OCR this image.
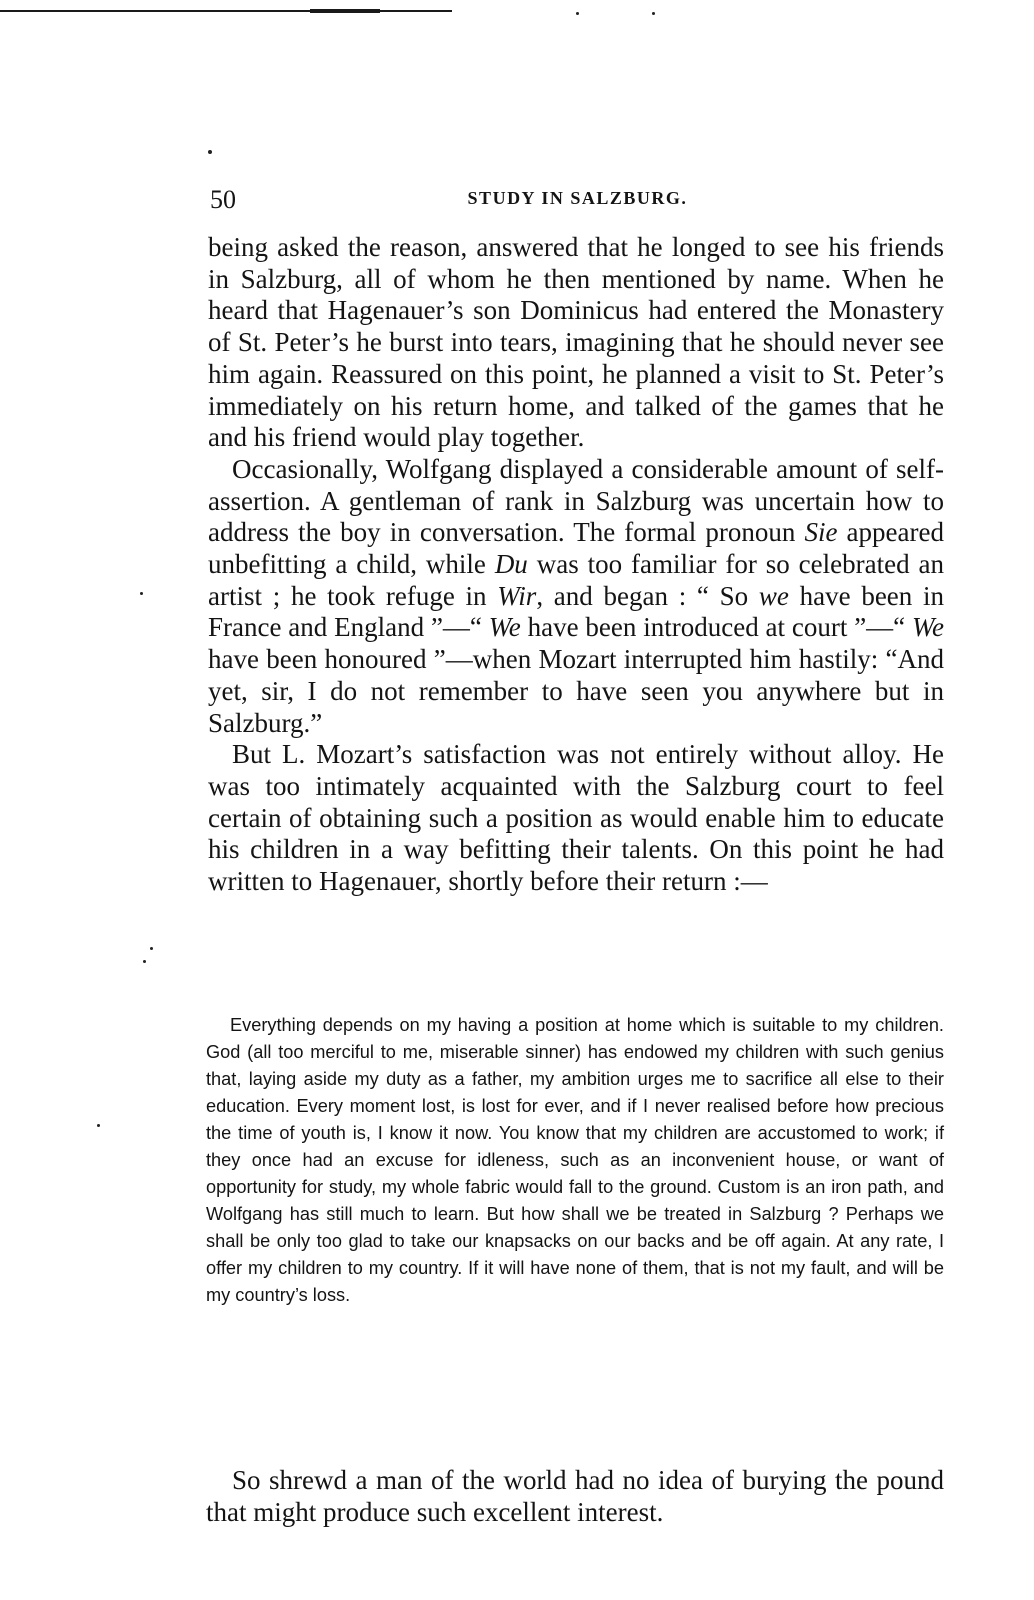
50	STUDY IN SALZBURG.

being asked the reason, answered that he longed to see his friends in Salzburg, all of whom he then mentioned by name. When he heard that Hagenauer’s son Dominicus had entered the Monastery of St. Peter’s he burst into tears, imagining that he should never see him again. Reassured on this point, he planned a visit to St. Peter’s immediately on his return home, and talked of the games that he and his friend would play together.

Occasionally, Wolfgang displayed a considerable amount of self-assertion. A gentleman of rank in Salzburg was uncertain how to address the boy in conversation. The formal pronoun Sie appeared unbefitting a child, while Du was too familiar for so celebrated an artist ; he took refuge in Wir, and began : “ So we have been in France and England ”—“ We have been introduced at court ”—“ We have been honoured ”—when Mozart interrupted him hastily: “And yet, sir, I do not remember to have seen you anywhere but in Salzburg.”

But L. Mozart’s satisfaction was not entirely without alloy. He was too intimately acquainted with the Salzburg court to feel certain of obtaining such a position as would enable him to educate his children in a way befitting their talents. On this point he had written to Hagenauer, shortly before their return :—

Everything depends on my having a position at home which is suitable to my children. God (all too merciful to me, miserable sinner) has endowed my children with such genius that, laying aside my duty as a father, my ambition urges me to sacrifice all else to their education. Every moment lost, is lost for ever, and if I never realised before how precious the time of youth is, I know it now. You know that my children are accustomed to work; if they once had an excuse for idleness, such as an inconvenient house, or want of opportunity for study, my whole fabric would fall to the ground. Custom is an iron path, and Wolfgang has still much to learn. But how shall we be treated in Salzburg ? Perhaps we shall be only too glad to take our knapsacks on our backs and be off again. At any rate, I offer my children to my country. If it will have none of them, that is not my fault, and will be my country’s loss.

So shrewd a man of the world had no idea of burying the pound that might produce such excellent interest.
